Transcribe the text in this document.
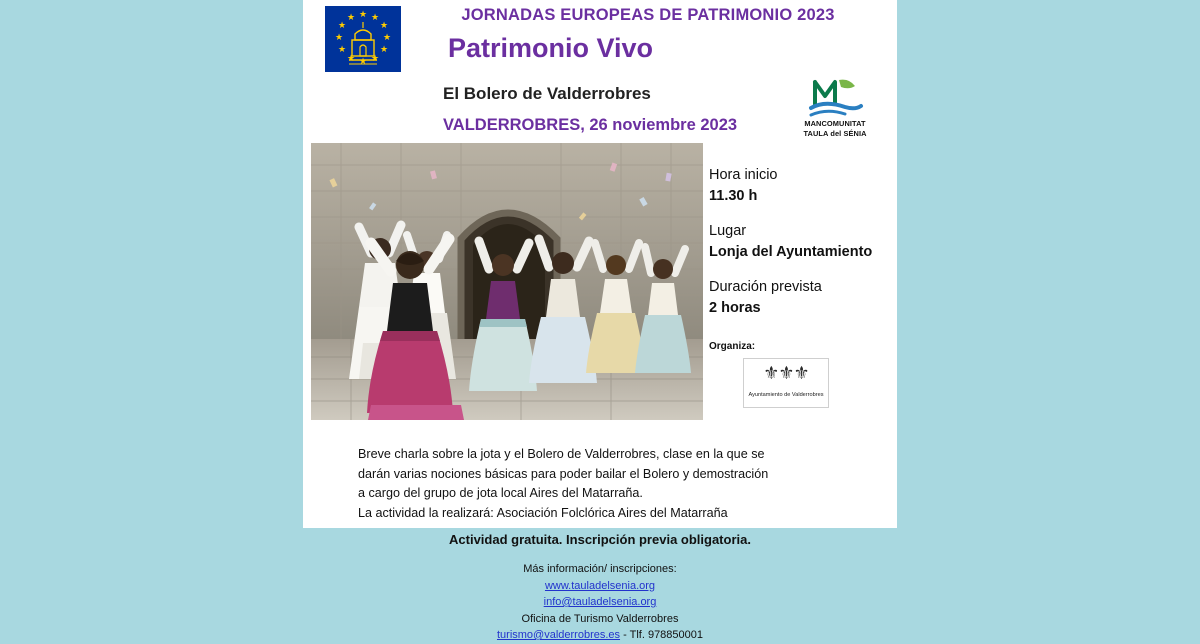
JORNADAS EUROPEAS DE PATRIMONIO 2023
Patrimonio Vivo
★ ★
★
★
★
★
★
★
★
★
★
★

El Bolero de Valderrobres
VALDERROBRES, 26 noviembre 2023	MANCOMUNITAT
TAULA del SÉNIA
Hora inicio
11.30 h
Lugar
Lonja del Ayuntamiento
Duración prevista
2 horas
Organiza:
⚜⚜⚜
Ayuntamiento de Valderrobres
Breve charla sobre la jota y el Bolero de Valderrobres, clase en la que se
darán varias nociones básicas para poder bailar el Bolero y demostración
a cargo del grupo de jota local Aires del Matarraña.
La actividad la realizará: Asociación Folclórica Aires del Matarraña
Actividad gratuita. Inscripción previa obligatoria.
Más información/ inscripciones:
www.tauladelsenia.org
info@tauladelsenia.org
Oficina de Turismo Valderrobres
turismo@valderrobres.es - Tlf. 978850001
